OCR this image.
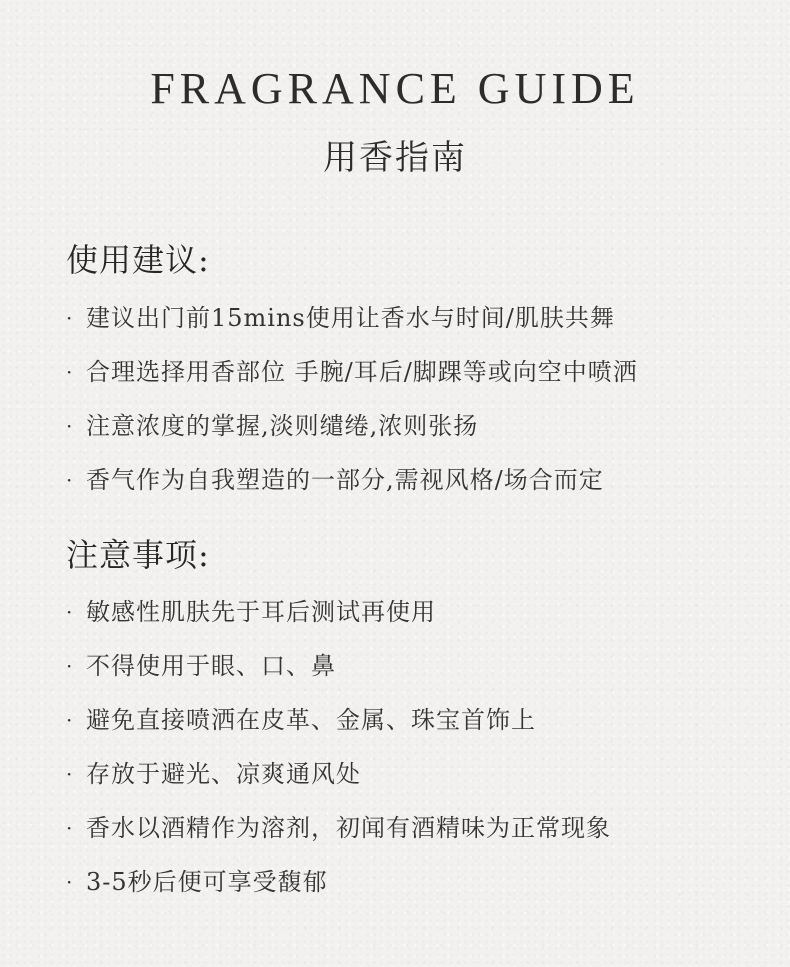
FRAGRANCE GUIDE
用香指南
使用建议:
· 建议出门前15mins使用让香水与时间/肌肤共舞
· 合理选择用香部位 手腕/耳后/脚踝等或向空中喷洒
· 注意浓度的掌握,淡则缱绻,浓则张扬
· 香气作为自我塑造的一部分,需视风格/场合而定
注意事项:
· 敏感性肌肤先于耳后测试再使用
· 不得使用于眼、口、鼻
· 避免直接喷洒在皮革、金属、珠宝首饰上
· 存放于避光、凉爽通风处
· 香水以酒精作为溶剂，初闻有酒精味为正常现象
· 3-5秒后便可享受馥郁
